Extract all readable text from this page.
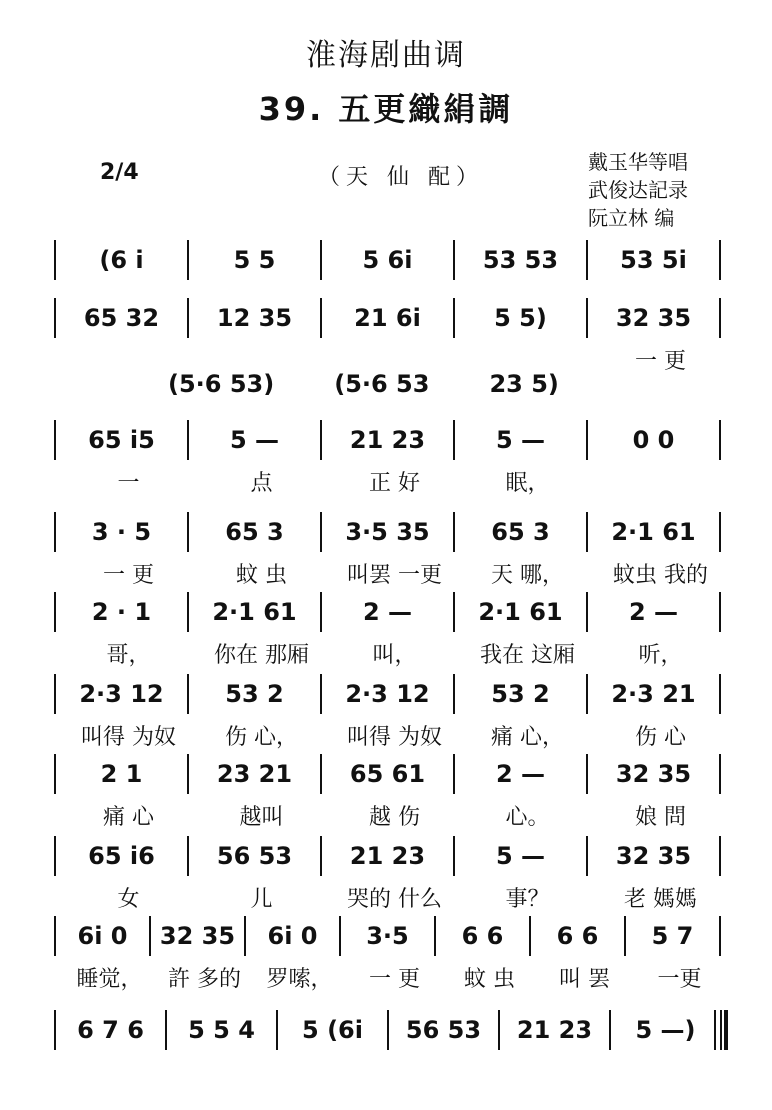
淮海剧曲调
39. 五更織絹調
2/4	（天 仙 配）
戴玉华等唱
武俊达記录
阮立林 编
(6 i	5 5	5 6i	53 53	53 5i
65 32	12 35	21 6i	5 5)	32 35
一 更
(5·6 53)	(5·6 53	23 5)
65 i5	5 —	21 23	5 —	0 0
一	点	正 好	眠，
3 · 5	65 3	3·5 35	65 3	2·1 61
一 更	蚊 虫	叫罢 一更	天 哪，	蚊虫 我的
2 · 1	2·1 61	2 —	2·1 61	2 —
哥，	你在 那厢	叫，	我在 这厢	听，
2·3 12	53 2	2·3 12	53 2	2·3 21
叫得 为奴	伤 心，	叫得 为奴	痛 心，	伤 心
2 1	23 21	65 61	2 —	32 35
痛 心	越叫	越 伤	心。	娘 問
65 i6	56 53	21 23	5 —	32 35
女	儿	哭的 什么	事？	老 媽媽
6i 0	32 35	6i 0	3·5	6 6	6 6	5 7
睡觉，	許 多的	罗嗦，	一 更	蚊 虫	叫 罢	一更
6 7 6	5 5 4	5 (6i	56 53	21 23	5 —)
